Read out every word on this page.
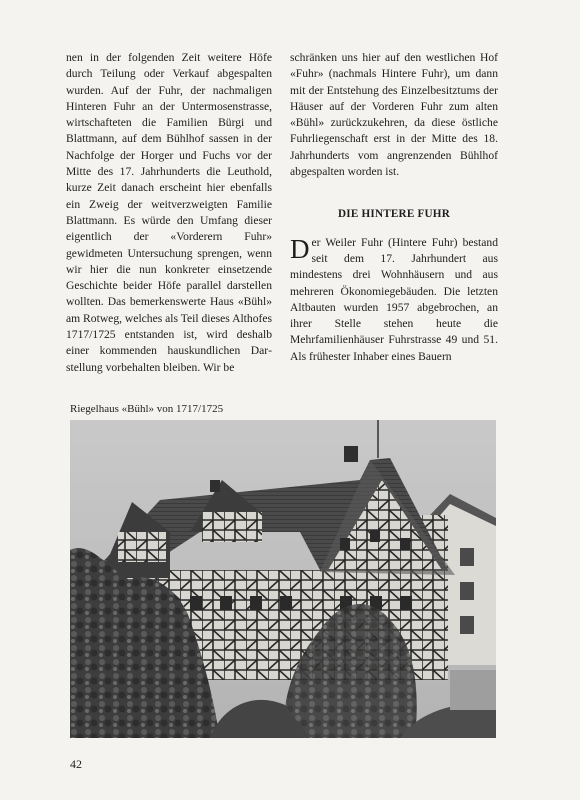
nen in der folgenden Zeit weitere Höfe durch Teilung oder Verkauf abgespalten wurden. Auf der Fuhr, der nachmaligen Hinteren Fuhr an der Untermosenstrasse, wirtschafteten die Familien Bürgi und Blattmann, auf dem Bühlhof sassen in der Nachfolge der Horger und Fuchs vor der Mitte des 17. Jahrhunderts die Leuthold, kurze Zeit danach erscheint hier ebenfalls ein Zweig der weitverzweigten Familie Blattmann. Es würde den Umfang dieser eigentlich der «Vorderern Fuhr» gewidmeten Untersuchung sprengen, wenn wir hier die nun konkreter einsetzende Geschichte beider Höfe parallel darstellen wollten. Das bemerkenswerte Haus «Bühl» am Rotweg, welches als Teil dieses Althofes 1717/1725 entstanden ist, wird deshalb einer kommenden hauskundlichen Darstellung vorbehalten bleiben. Wir be

schränken uns hier auf den westlichen Hof «Fuhr» (nachmals Hintere Fuhr), um dann mit der Entstehung des Einzelbesitztums der Häuser auf der Vorderen Fuhr zum alten «Bühl» zurückzukehren, da diese östliche Fuhrliegenschaft erst in der Mitte des 18. Jahrhunderts vom angrenzenden Bühlhof abgespalten worden ist.

DIE HINTERE FUHR

Der Weiler Fuhr (Hintere Fuhr) bestand seit dem 17. Jahrhundert aus mindestens drei Wohnhäusern und aus mehreren Ökonomiegebäuden. Die letzten Altbauten wurden 1957 abgebrochen, an ihrer Stelle stehen heute die Mehrfamilienhäuser Fuhrstrasse 49 und 51. Als frühester Inhaber eines Bauern

Riegelhaus «Bühl» von 1717/1725
42
